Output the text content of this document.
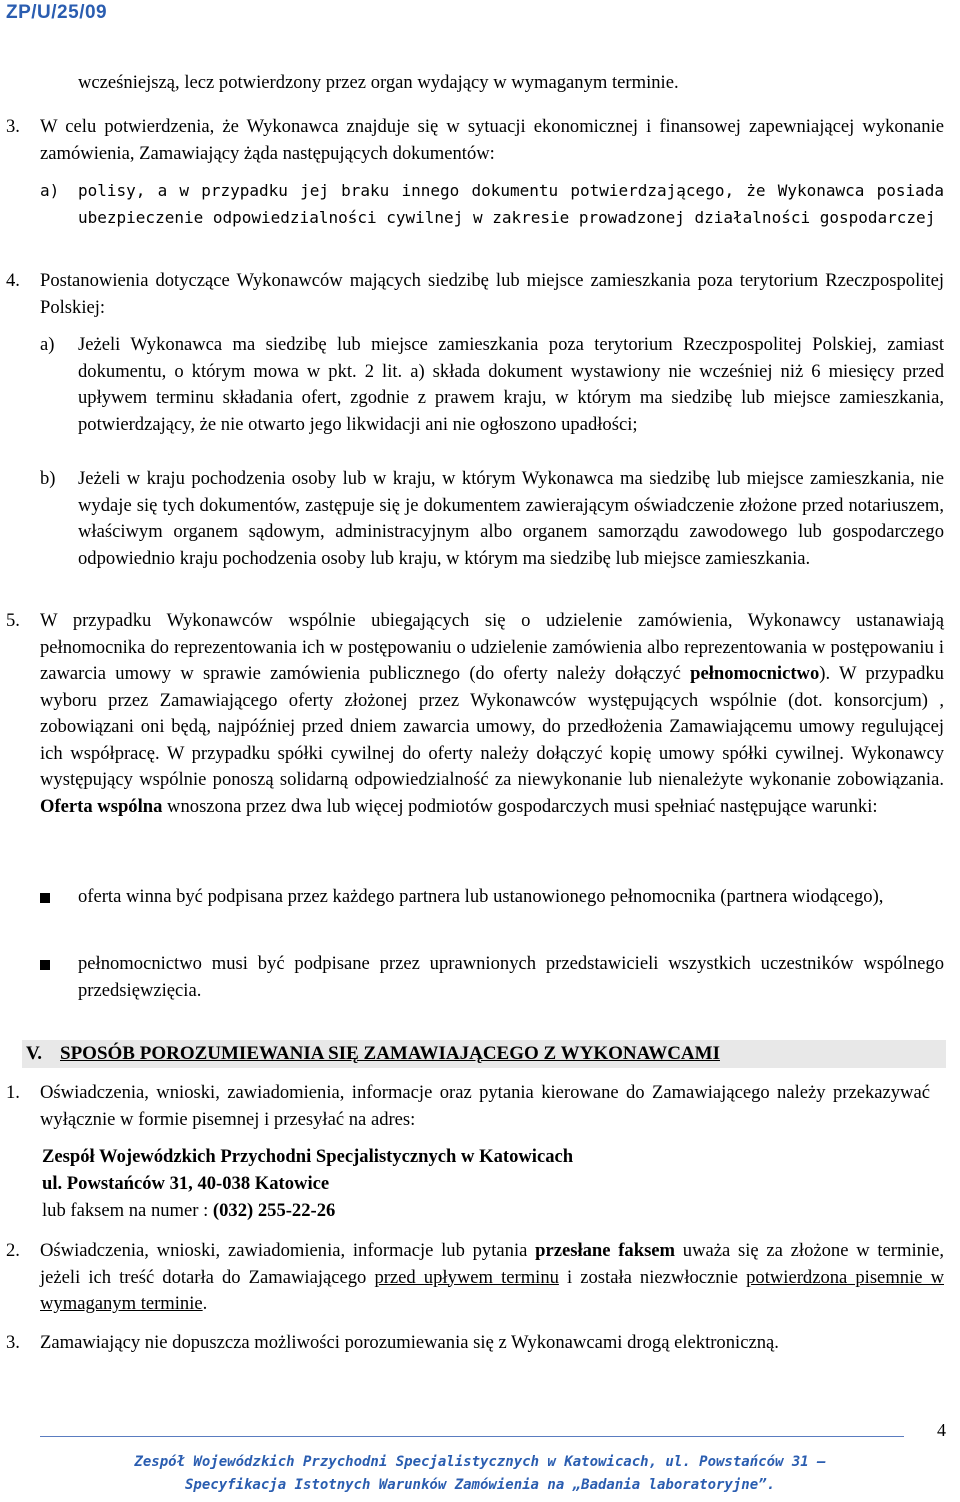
ZP/U/25/09
wcześniejszą, lecz potwierdzony przez organ wydający w wymaganym terminie.
3. W celu potwierdzenia, że Wykonawca znajduje się w sytuacji ekonomicznej i finansowej zapewniającej wykonanie zamówienia, Zamawiający żąda następujących dokumentów:
a) polisy, a w przypadku jej braku innego dokumentu potwierdzającego, że Wykonawca posiada ubezpieczenie odpowiedzialności cywilnej w zakresie prowadzonej działalności gospodarczej
4. Postanowienia dotyczące Wykonawców mających siedzibę lub miejsce zamieszkania poza terytorium Rzeczpospolitej Polskiej:
a) Jeżeli Wykonawca ma siedzibę lub miejsce zamieszkania poza terytorium Rzeczpospolitej Polskiej, zamiast dokumentu, o którym mowa w pkt. 2 lit. a) składa dokument wystawiony nie wcześniej niż 6 miesięcy przed upływem terminu składania ofert, zgodnie z prawem kraju, w którym ma siedzibę lub miejsce zamieszkania, potwierdzający, że nie otwarto jego likwidacji ani nie ogłoszono upadłości;
b) Jeżeli w kraju pochodzenia osoby lub w kraju, w którym Wykonawca ma siedzibę lub miejsce zamieszkania, nie wydaje się tych dokumentów, zastępuje się je dokumentem zawierającym oświadczenie złożone przed notariuszem, właściwym organem sądowym, administracyjnym albo organem samorządu zawodowego lub gospodarczego odpowiednio kraju pochodzenia osoby lub kraju, w którym ma siedzibę lub miejsce zamieszkania.
5. W przypadku Wykonawców wspólnie ubiegających się o udzielenie zamówienia, Wykonawcy ustanawiają pełnomocnika do reprezentowania ich w postępowaniu o udzielenie zamówienia albo reprezentowania w postępowaniu i zawarcia umowy w sprawie zamówienia publicznego (do oferty należy dołączyć pełnomocnictwo). W przypadku wyboru przez Zamawiającego oferty złożonej przez Wykonawców występujących wspólnie (dot. konsorcjum) , zobowiązani oni będą, najpóźniej przed dniem zawarcia umowy, do przedłożenia Zamawiającemu umowy regulującej ich współpracę. W przypadku spółki cywilnej do oferty należy dołączyć kopię umowy spółki cywilnej. Wykonawcy występujący wspólnie ponoszą solidarną odpowiedzialność za niewykonanie lub nienależyte wykonanie zobowiązania. Oferta wspólna wnoszona przez dwa lub więcej podmiotów gospodarczych musi spełniać następujące warunki:
oferta winna być podpisana przez każdego partnera lub ustanowionego pełnomocnika (partnera wiodącego),
pełnomocnictwo musi być podpisane przez uprawnionych przedstawicieli wszystkich uczestników wspólnego przedsięwzięcia.
V. SPOSÓB POROZUMIEWANIA SIĘ ZAMAWIAJĄCEGO Z WYKONAWCAMI
1. Oświadczenia, wnioski, zawiadomienia, informacje oraz pytania kierowane do Zamawiającego należy przekazywać wyłącznie w formie pisemnej i przesyłać na adres:
Zespół Wojewódzkich Przychodni Specjalistycznych w Katowicach
ul. Powstańców 31, 40-038 Katowice
lub faksem na numer : (032) 255-22-26
2. Oświadczenia, wnioski, zawiadomienia, informacje lub pytania przesłane faksem uważa się za złożone w terminie, jeżeli ich treść dotarła do Zamawiającego przed upływem terminu i została niezwłocznie potwierdzona pisemnie w wymaganym terminie.
3. Zamawiający nie dopuszcza możliwości porozumiewania się z Wykonawcami drogą elektroniczną.
4
Zespół Wojewódzkich Przychodni Specjalistycznych w Katowicach, ul. Powstańców 31 –
Specyfikacja Istotnych Warunków Zamówienia na „Badania laboratoryjne”.
